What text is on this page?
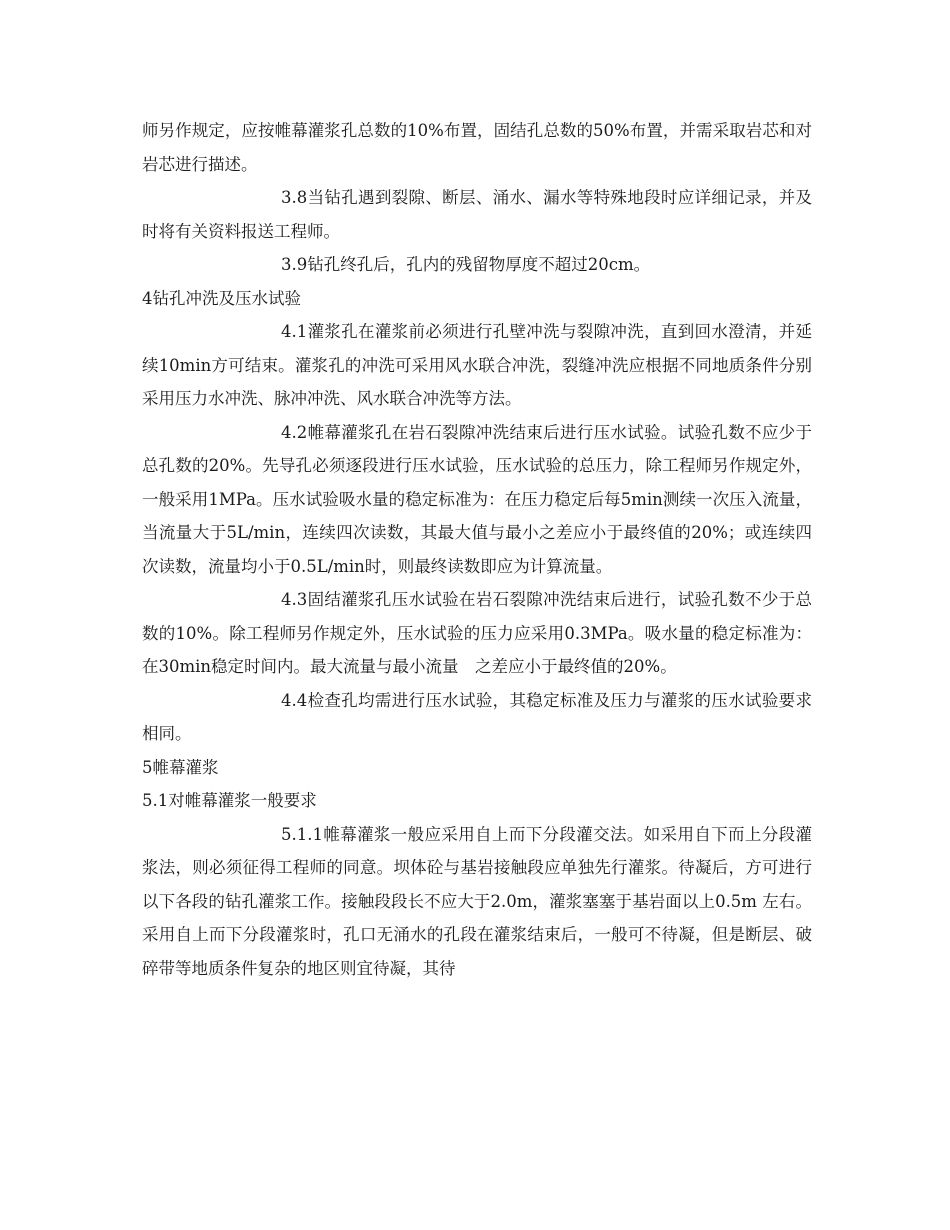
师另作规定，应按帷幕灌浆孔总数的10%布置，固结孔总数的50%布置，并需采取岩芯和对岩芯进行描述。

3.8当钻孔遇到裂隙、断层、涌水、漏水等特殊地段时应详细记录，并及时将有关资料报送工程师。

3.9钻孔终孔后，孔内的残留物厚度不超过20cm。

4钻孔冲洗及压水试验

4.1灌浆孔在灌浆前必须进行孔壁冲洗与裂隙冲洗，直到回水澄清，并延续10min方可结束。灌浆孔的冲洗可采用风水联合冲洗，裂缝冲洗应根据不同地质条件分别采用压力水冲洗、脉冲冲洗、风水联合冲洗等方法。

4.2帷幕灌浆孔在岩石裂隙冲洗结束后进行压水试验。试验孔数不应少于总孔数的20%。先导孔必须逐段进行压水试验，压水试验的总压力，除工程师另作规定外，一般采用1MPa。压水试验吸水量的稳定标准为：在压力稳定后每5min测续一次压入流量，当流量大于5L/min，连续四次读数，其最大值与最小之差应小于最终值的20%；或连续四次读数，流量均小于0.5L/min时，则最终读数即应为计算流量。

4.3固结灌浆孔压水试验在岩石裂隙冲洗结束后进行，试验孔数不少于总数的10%。除工程师另作规定外，压水试验的压力应采用0.3MPa。吸水量的稳定标准为：在30min稳定时间内。最大流量与最小流量　之差应小于最终值的20%。

4.4检查孔均需进行压水试验，其稳定标准及压力与灌浆的压水试验要求相同。

5帷幕灌浆

5.1对帷幕灌浆一般要求

5.1.1帷幕灌浆一般应采用自上而下分段灌交法。如采用自下而上分段灌浆法，则必须征得工程师的同意。坝体砼与基岩接触段应单独先行灌浆。待凝后，方可进行以下各段的钻孔灌浆工作。接触段段长不应大于2.0m，灌浆塞塞于基岩面以上0.5m 左右。采用自上而下分段灌浆时，孔口无涌水的孔段在灌浆结束后，一般可不待凝，但是断层、破碎带等地质条件复杂的地区则宜待凝，其待
